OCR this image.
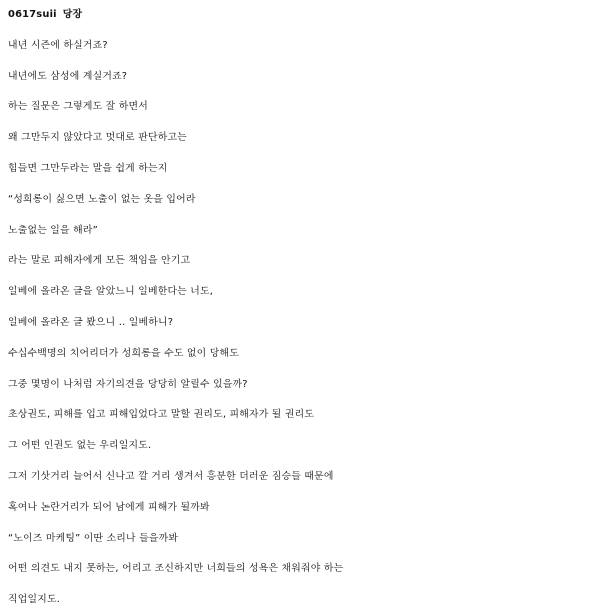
0617suii 당장
내년 시즌에 하실거죠?
내년에도 삼성에 계실거죠?
하는 질문은 그렇게도 잘 하면서
왜 그만두지 않았다고 멋대로 판단하고는
힘들면 그만두라는 말을 쉽게 하는지
“성희롱이 싫으면 노출이 없는 옷을 입어라
노출없는 일을 해라”
라는 말로 피해자에게 모든 책임을 안기고
일베에 올라온 글을 알았느니 일베한다는 너도,
일베에 올라온 글 봤으니 .. 일베하니?
수십수백명의 치어리더가 성희롱을 수도 없이 당해도
그중 몇명이 나처럼 자기의견을 당당히 알릴수 있을까?
초상권도, 피해를 입고 피해입었다고 말할 권리도, 피해자가 될 권리도
그 어떤 인권도 없는 우리일지도.
그저 기삿거리 늘어서 신나고 깔 거리 생겨서 흥분한 더러운 짐승들 때문에
혹여나 논란거리가 되어 남에게 피해가 될까봐
“노이즈 마케팅” 이딴 소리나 들을까봐
어떤 의견도 내지 못하는, 어리고 조신하지만 너희들의 성욕은 채워줘야 하는
직업일지도.
